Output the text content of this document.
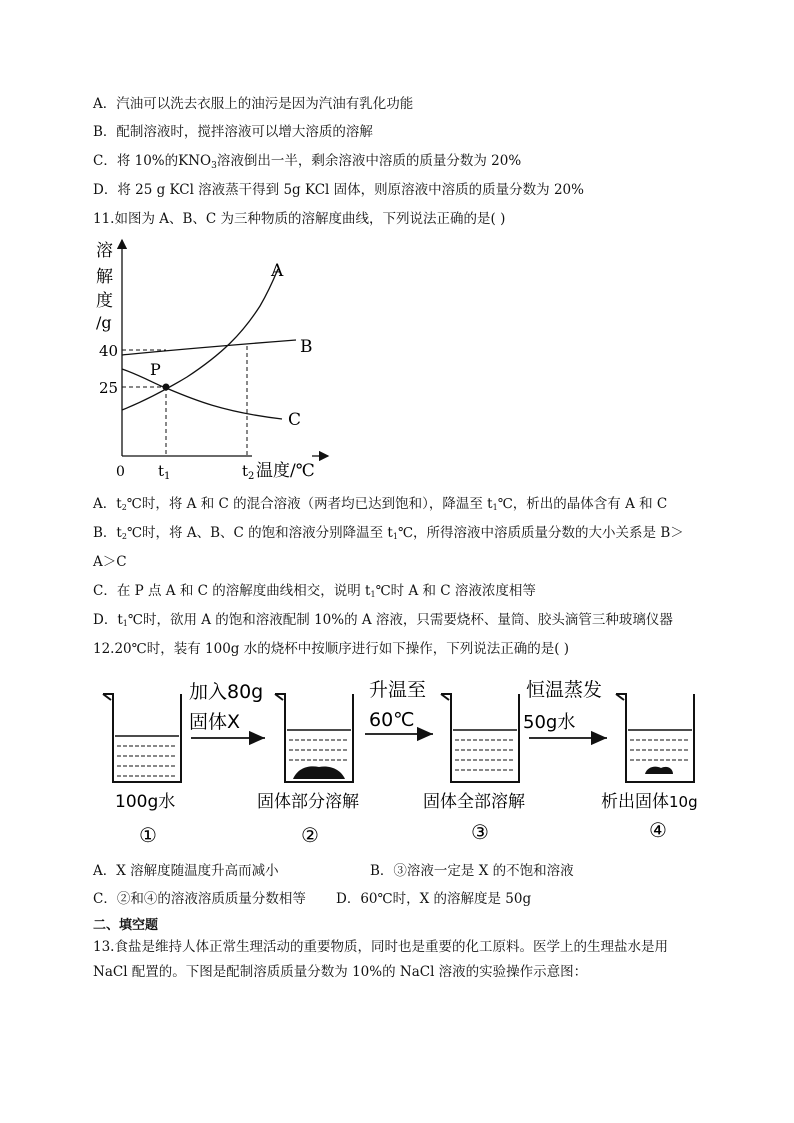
A．汽油可以洗去衣服上的油污是因为汽油有乳化功能
B．配制溶液时，搅拌溶液可以增大溶质的溶解
C．将 10%的$KNO_3$溶液倒出一半，剩余溶液中溶质的质量分数为 20%
D．将 25 g KCl 溶液蒸干得到 5g KCl 固体，则原溶液中溶质的质量分数为 20%
11.如图为 A、B、C 为三种物质的溶解度曲线，下列说法正确的是( )
溶
解
度
/g
40
25
0 $t_1$	$t_2$ 温度/℃
A
B
C
P
A．$t_2℃$时，将 A 和 C 的混合溶液（两者均已达到饱和），降温至 $t_1℃$，析出的晶体含有 A 和 C
B．$t_2℃$时，将 A、B、C 的饱和溶液分别降温至 $t_1℃$，所得溶液中溶质质量分数的大小关系是 B＞
A＞C
C．在 P 点 A 和 C 的溶解度曲线相交，说明 $t_1℃$时 A 和 C 溶液浓度相等
D．$t_1℃$时，欲用 A 的饱和溶液配制 10%的 A 溶液，只需要烧杯、量筒、胶头滴管三种玻璃仪器
12.20℃时，装有 100g 水的烧杯中按顺序进行如下操作，下列说法正确的是( )
加入80g
固体X
升温至
60℃
恒温蒸发
50g水
100g水	固体部分溶解	固体全部溶解	析出固体10g
①	②	③	④
A．X 溶解度随温度升高而减小	B．③溶液一定是 X 的不饱和溶液
C．②和④的溶液溶质质量分数相等 D．60℃时，X 的溶解度是 50g
二、填空题
13.食盐是维持人体正常生理活动的重要物质，同时也是重要的化工原料。医学上的生理盐水是用
NaCl 配置的。下图是配制溶质质量分数为 10%的 NaCl 溶液的实验操作示意图：
